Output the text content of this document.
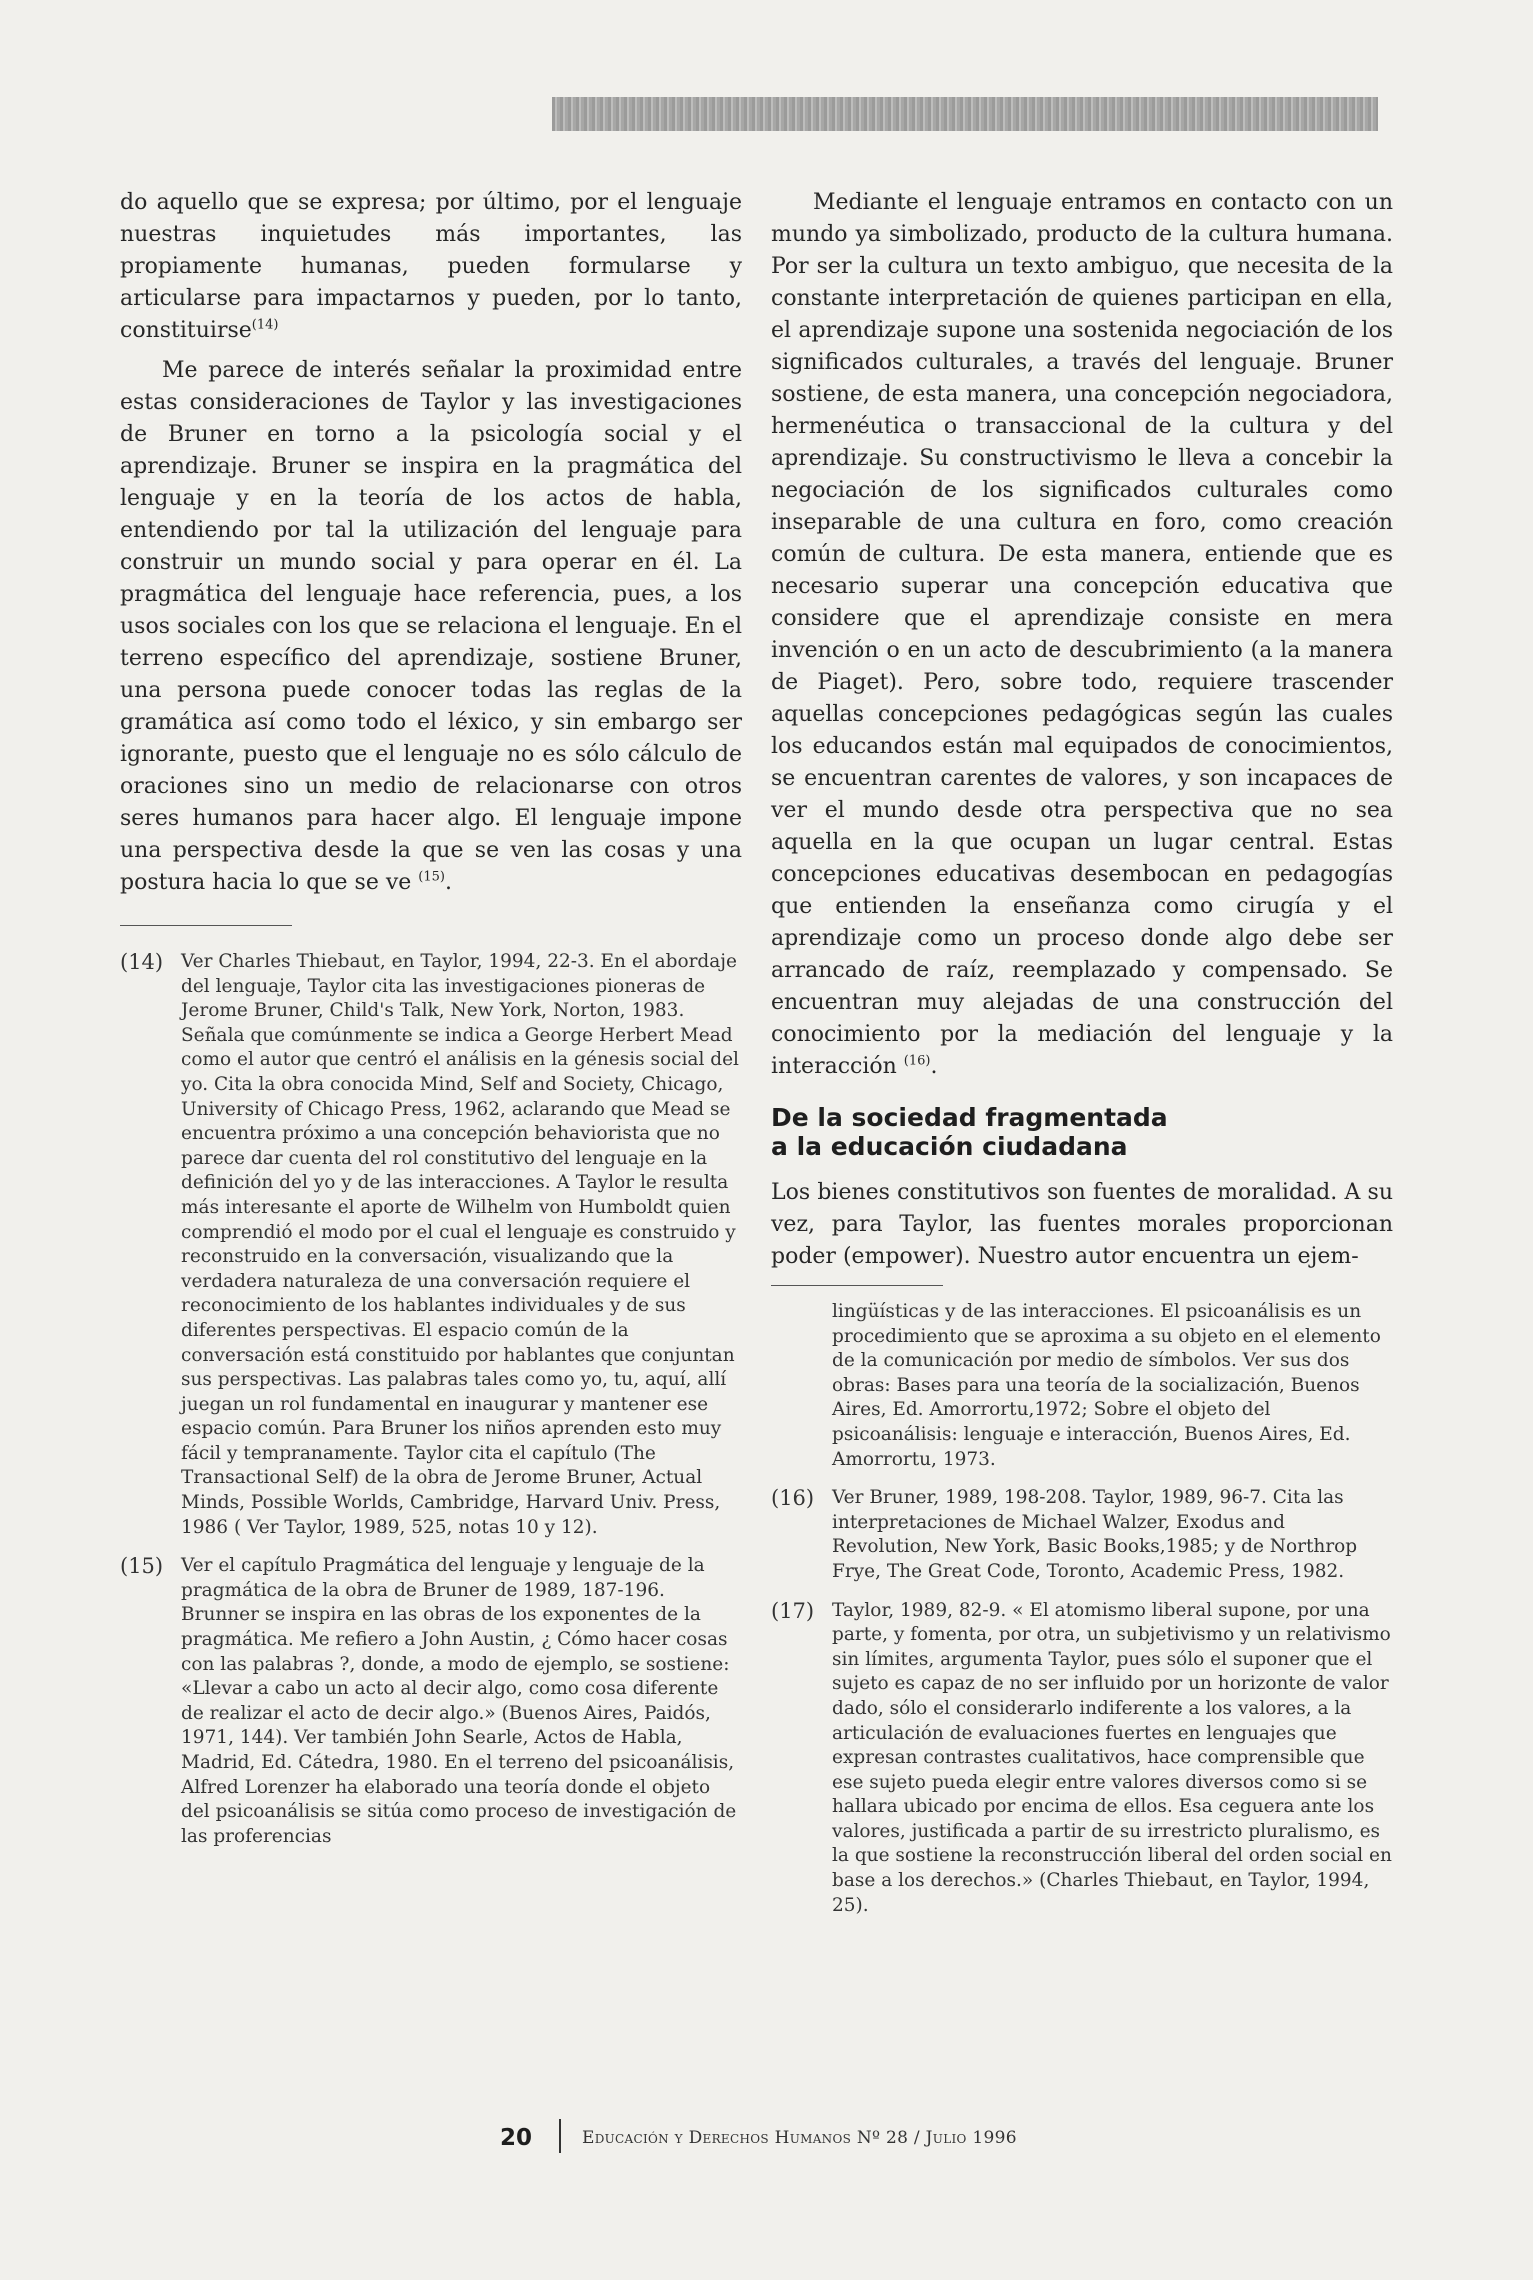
do aquello que se expresa; por último, por el lenguaje nuestras inquietudes más importantes, las propiamente humanas, pueden formularse y articularse para impactarnos y pueden, por lo tanto, constituirse$^{(14)}$

Me parece de interés señalar la proximidad entre estas consideraciones de Taylor y las investigaciones de Bruner en torno a la psicología social y el aprendizaje. Bruner se inspira en la pragmática del lenguaje y en la teoría de los actos de habla, entendiendo por tal la utilización del lenguaje para construir un mundo social y para operar en él. La pragmática del lenguaje hace referencia, pues, a los usos sociales con los que se relaciona el lenguaje. En el terreno específico del aprendizaje, sostiene Bruner, una persona puede conocer todas las reglas de la gramática así como todo el léxico, y sin embargo ser ignorante, puesto que el lenguaje no es sólo cálculo de oraciones sino un medio de relacionarse con otros seres humanos para hacer algo. El lenguaje impone una perspectiva desde la que se ven las cosas y una postura hacia lo que se ve $^{(15)}$.

(14) Ver Charles Thiebaut, en Taylor, 1994, 22-3. En el abordaje del lenguaje, Taylor cita las investigaciones pioneras de Jerome Bruner, Child's Talk, New York, Norton, 1983. Señala que comúnmente se indica a George Herbert Mead como el autor que centró el análisis en la génesis social del yo. Cita la obra conocida Mind, Self and Society, Chicago, University of Chicago Press, 1962, aclarando que Mead se encuentra próximo a una concepción behaviorista que no parece dar cuenta del rol constitutivo del lenguaje en la definición del yo y de las interacciones. A Taylor le resulta más interesante el aporte de Wilhelm von Humboldt quien comprendió el modo por el cual el lenguaje es construido y reconstruido en la conversación, visualizando que la verdadera naturaleza de una conversación requiere el reconocimiento de los hablantes individuales y de sus diferentes perspectivas. El espacio común de la conversación está constituido por hablantes que conjuntan sus perspectivas. Las palabras tales como yo, tu, aquí, allí juegan un rol fundamental en inaugurar y mantener ese espacio común. Para Bruner los niños aprenden esto muy fácil y tempranamente. Taylor cita el capítulo (The Transactional Self) de la obra de Jerome Bruner, Actual Minds, Possible Worlds, Cambridge, Harvard Univ. Press, 1986 ( Ver Taylor, 1989, 525, notas 10 y 12).

(15) Ver el capítulo Pragmática del lenguaje y lenguaje de la pragmática de la obra de Bruner de 1989, 187-196. Brunner se inspira en las obras de los exponentes de la pragmática. Me refiero a John Austin, ¿ Cómo hacer cosas con las palabras ?, donde, a modo de ejemplo, se sostiene: «Llevar a cabo un acto al decir algo, como cosa diferente de realizar el acto de decir algo.» (Buenos Aires, Paidós, 1971, 144). Ver también John Searle, Actos de Habla, Madrid, Ed. Cátedra, 1980. En el terreno del psicoanálisis, Alfred Lorenzer ha elaborado una teoría donde el objeto del psicoanálisis se sitúa como proceso de investigación de las proferencias

Mediante el lenguaje entramos en contacto con un mundo ya simbolizado, producto de la cultura humana. Por ser la cultura un texto ambiguo, que necesita de la constante interpretación de quienes participan en ella, el aprendizaje supone una sostenida negociación de los significados culturales, a través del lenguaje. Bruner sostiene, de esta manera, una concepción negociadora, hermenéutica o transaccional de la cultura y del aprendizaje. Su constructivismo le lleva a concebir la negociación de los significados culturales como inseparable de una cultura en foro, como creación común de cultura. De esta manera, entiende que es necesario superar una concepción educativa que considere que el aprendizaje consiste en mera invención o en un acto de descubrimiento (a la manera de Piaget). Pero, sobre todo, requiere trascender aquellas concepciones pedagógicas según las cuales los educandos están mal equipados de conocimientos, se encuentran carentes de valores, y son incapaces de ver el mundo desde otra perspectiva que no sea aquella en la que ocupan un lugar central. Estas concepciones educativas desembocan en pedagogías que entienden la enseñanza como cirugía y el aprendizaje como un proceso donde algo debe ser arrancado de raíz, reemplazado y compensado. Se encuentran muy alejadas de una construcción del conocimiento por la mediación del lenguaje y la interacción $^{(16)}$.

De la sociedad fragmentada
a la educación ciudadana

Los bienes constitutivos son fuentes de moralidad. A su vez, para Taylor, las fuentes morales proporcionan poder (empower). Nuestro autor encuentra un ejem-

lingüísticas y de las interacciones. El psicoanálisis es un procedimiento que se aproxima a su objeto en el elemento de la comunicación por medio de símbolos. Ver sus dos obras: Bases para una teoría de la socialización, Buenos Aires, Ed. Amorrortu,1972; Sobre el objeto del psicoanálisis: lenguaje e interacción, Buenos Aires, Ed. Amorrortu, 1973.

(16) Ver Bruner, 1989, 198-208. Taylor, 1989, 96-7. Cita las interpretaciones de Michael Walzer, Exodus and Revolution, New York, Basic Books,1985; y de Northrop Frye, The Great Code, Toronto, Academic Press, 1982.

(17) Taylor, 1989, 82-9. « El atomismo liberal supone, por una parte, y fomenta, por otra, un subjetivismo y un relativismo sin límites, argumenta Taylor, pues sólo el suponer que el sujeto es capaz de no ser influido por un horizonte de valor dado, sólo el considerarlo indiferente a los valores, a la articulación de evaluaciones fuertes en lenguajes que expresan contrastes cualitativos, hace comprensible que ese sujeto pueda elegir entre valores diversos como si se hallara ubicado por encima de ellos. Esa ceguera ante los valores, justificada a partir de su irrestricto pluralismo, es la que sostiene la reconstrucción liberal del orden social en base a los derechos.» (Charles Thiebaut, en Taylor, 1994, 25).

20	Educación y Derechos Humanos Nº 28 / Julio 1996
